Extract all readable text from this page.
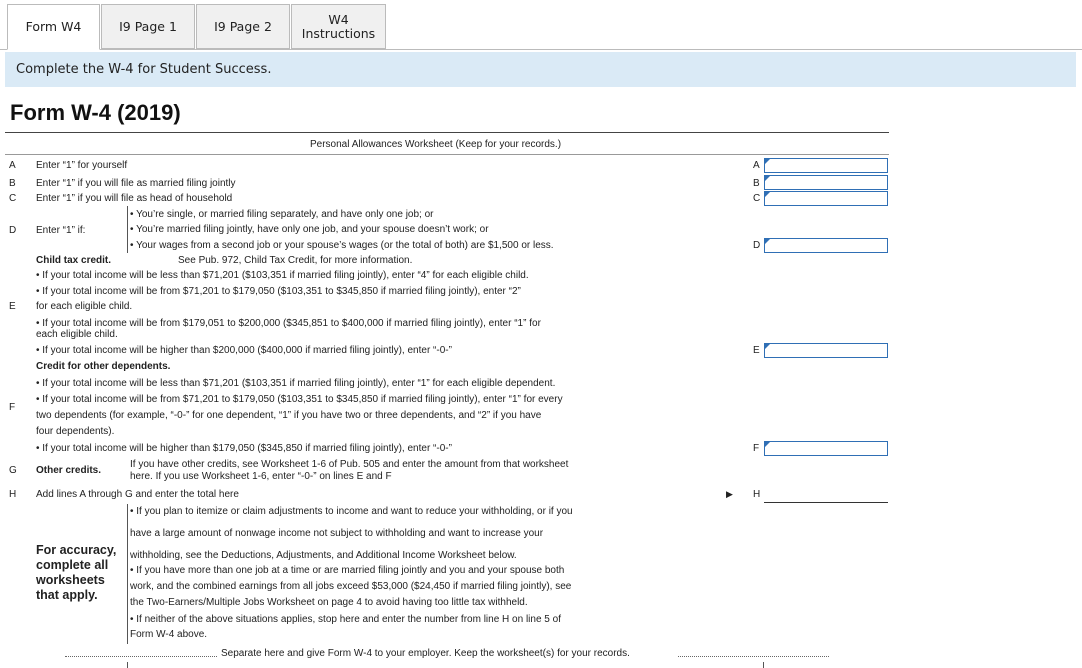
Form W4	I9 Page 1	I9 Page 2	W4
Instructions
Complete the W-4 for Student Success.
Form W-4 (2019)
Personal Allowances Worksheet (Keep for your records.)
A Enter “1” for yourself	A
B Enter “1” if you will file as married filing jointly	B
C Enter “1” if you will file as head of household	C
D Enter “1” if:
• You’re single, or married filing separately, and have only one job; or
• You’re married filing jointly, have only one job, and your spouse doesn’t work; or
• Your wages from a second job or your spouse’s wages (or the total of both) are $1,500 or less.	D
Child tax credit.	See Pub. 972, Child Tax Credit, for more information.
• If your total income will be less than $71,201 ($103,351 if married filing jointly), enter “4” for each eligible child.
• If your total income will be from $71,201 to $179,050 ($103,351 to $345,850 if married filing jointly), enter “2”
E for each eligible child.
• If your total income will be from $179,051 to $200,000 ($345,851 to $400,000 if married filing jointly), enter “1” for
each eligible child.
• If your total income will be higher than $200,000 ($400,000 if married filing jointly), enter “-0-”	E
Credit for other dependents.
• If your total income will be less than $71,201 ($103,351 if married filing jointly), enter “1” for each eligible dependent.
• If your total income will be from $71,201 to $179,050 ($103,351 to $345,850 if married filing jointly), enter “1” for every
F
two dependents (for example, “-0-” for one dependent, “1” if you have two or three dependents, and “2” if you have
four dependents).
• If your total income will be higher than $179,050 ($345,850 if married filing jointly), enter “-0-”	F
G Other credits.
If you have other credits, see Worksheet 1-6 of Pub. 505 and enter the amount from that worksheet
here. If you use Worksheet 1-6, enter “-0-” on lines E and F
H Add lines A through G and enter the total here	▶ H
For accuracy, complete all worksheets that apply.
• If you plan to itemize or claim adjustments to income and want to reduce your withholding, or if you
have a large amount of nonwage income not subject to withholding and want to increase your
withholding, see the Deductions, Adjustments, and Additional Income Worksheet below.
• If you have more than one job at a time or are married filing jointly and you and your spouse both
work, and the combined earnings from all jobs exceed $53,000 ($24,450 if married filing jointly), see
the Two-Earners/Multiple Jobs Worksheet on page 4 to avoid having too little tax withheld.
• If neither of the above situations applies, stop here and enter the number from line H on line 5 of
Form W-4 above.
Separate here and give Form W-4 to your employer. Keep the worksheet(s) for your records.
